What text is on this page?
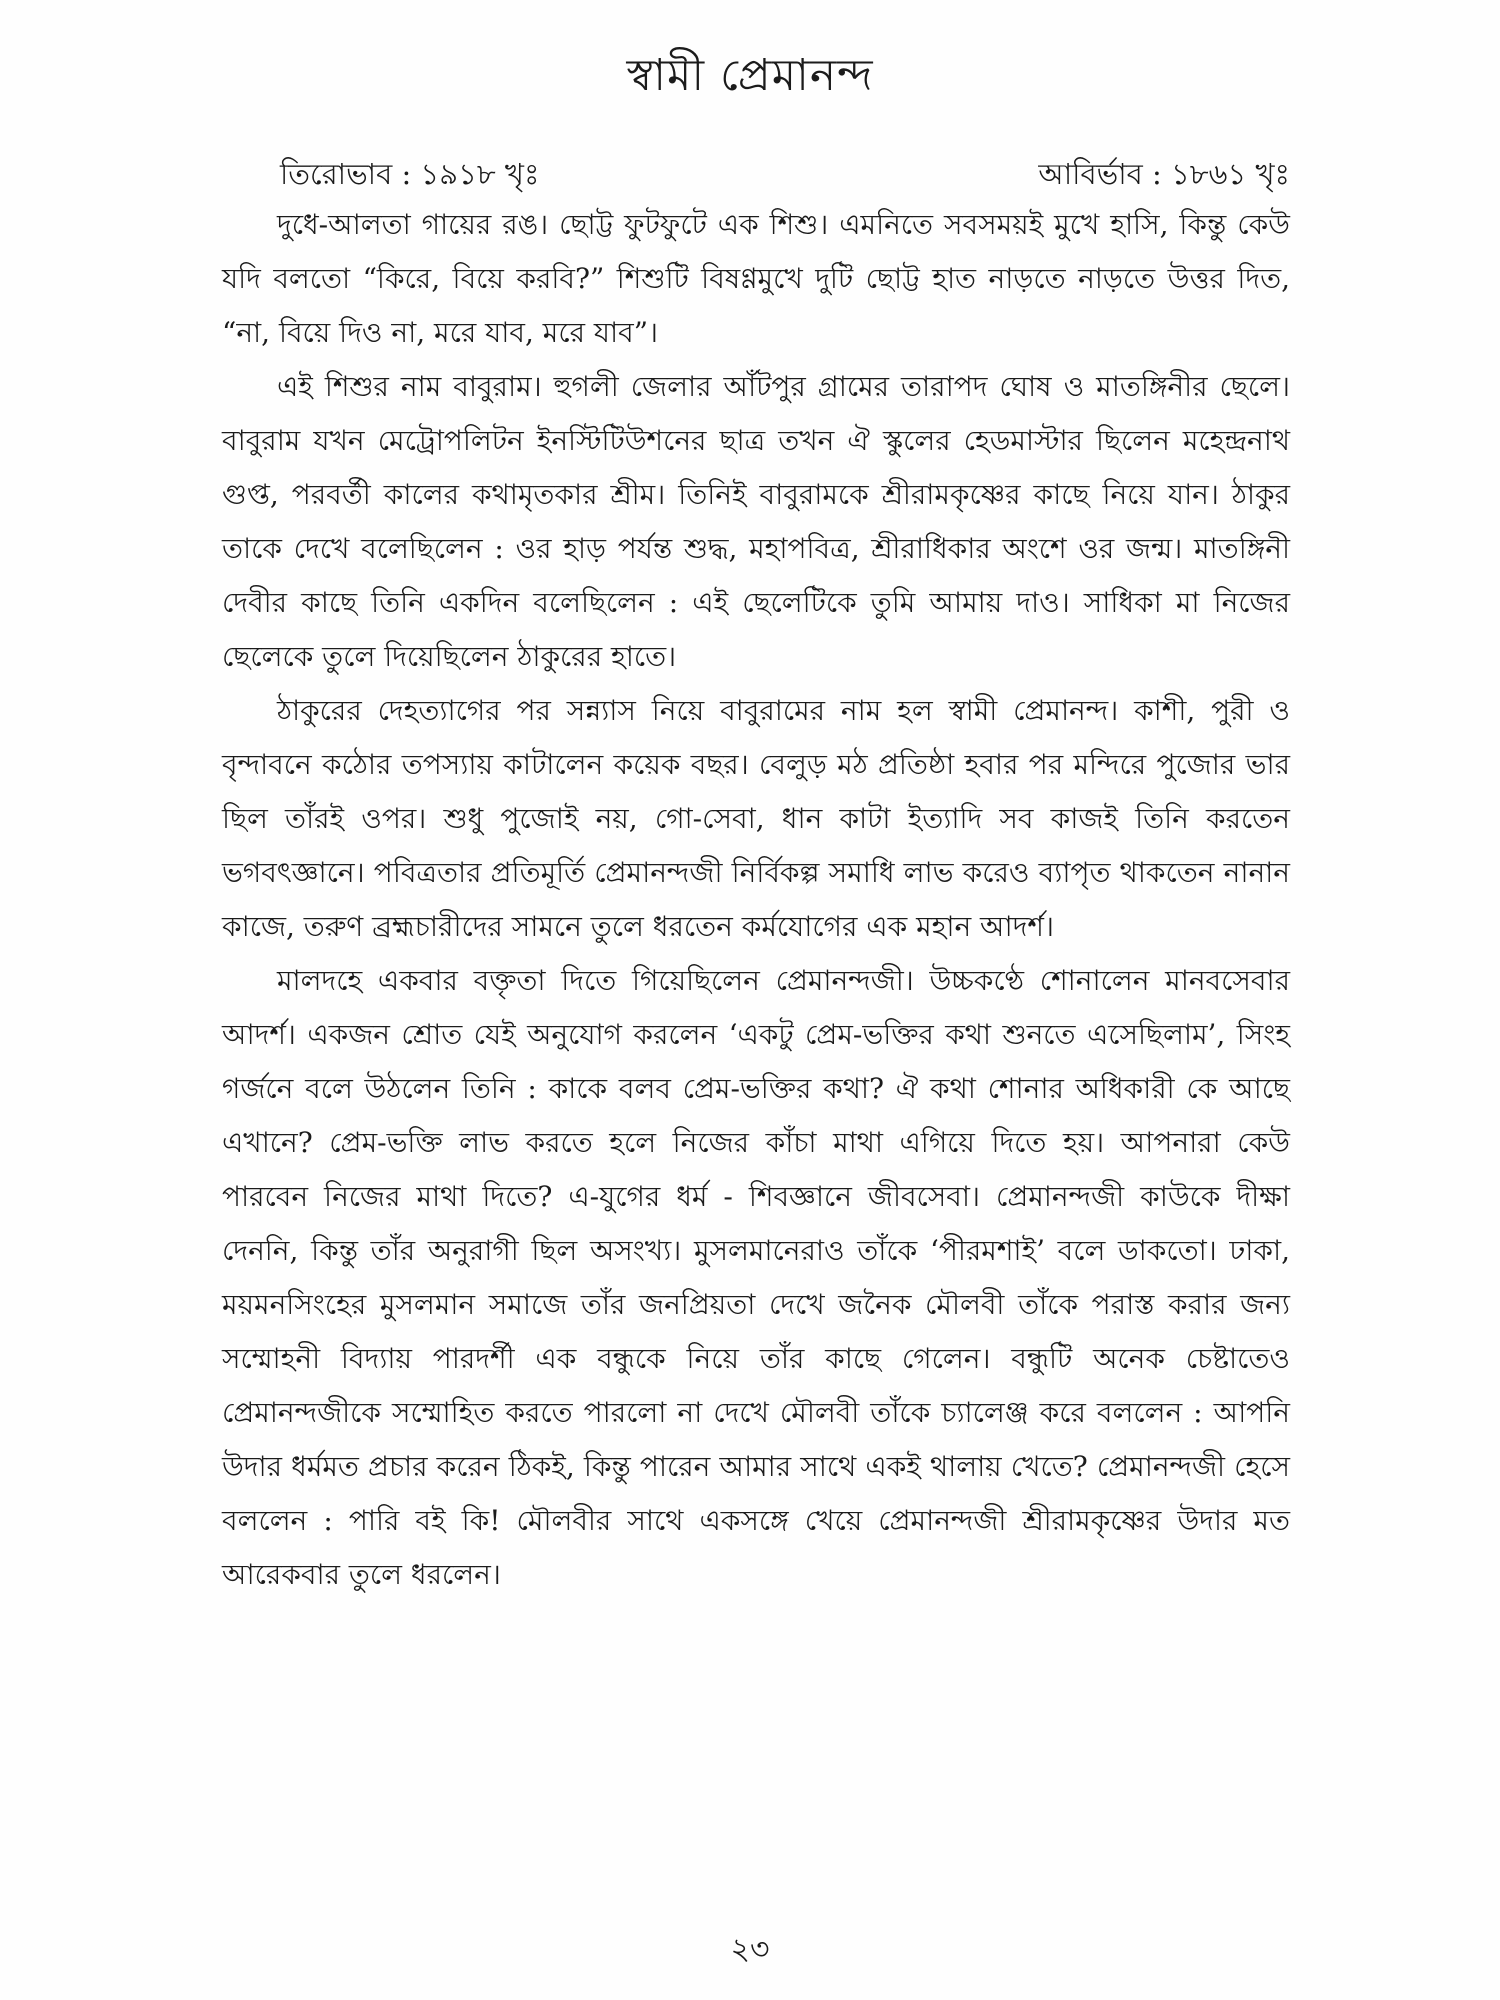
স্বামী প্রেমানন্দ
তিরোভাব : ১৯১৮ খৃঃ	আবির্ভাব : ১৮৬১ খৃঃ

দুধে-আলতা গায়ের রঙ। ছোট্ট ফুটফুটে এক শিশু। এমনিতে সবসময়ই মুখে হাসি, কিন্তু কেউ যদি বলতো “কিরে, বিয়ে করবি?” শিশুটি বিষণ্ণমুখে দুটি ছোট্ট হাত নাড়তে নাড়তে উত্তর দিত, “না, বিয়ে দিও না, মরে যাব, মরে যাব”।

এই শিশুর নাম বাবুরাম। হুগলী জেলার আঁটপুর গ্রামের তারাপদ ঘোষ ও মাতঙ্গিনীর ছেলে। বাবুরাম যখন মেট্রোপলিটন ইনস্টিটিউশনের ছাত্র তখন ঐ স্কুলের হেডমাস্টার ছিলেন মহেন্দ্রনাথ গুপ্ত, পরবর্তী কালের কথামৃতকার শ্রীম। তিনিই বাবুরামকে শ্রীরামকৃষ্ণের কাছে নিয়ে যান। ঠাকুর তাকে দেখে বলেছিলেন : ওর হাড় পর্যন্ত শুদ্ধ, মহাপবিত্র, শ্রীরাধিকার অংশে ওর জন্ম। মাতঙ্গিনী দেবীর কাছে তিনি একদিন বলেছিলেন : এই ছেলেটিকে তুমি আমায় দাও। সাধিকা মা নিজের ছেলেকে তুলে দিয়েছিলেন ঠাকুরের হাতে।

ঠাকুরের দেহত্যাগের পর সন্ন্যাস নিয়ে বাবুরামের নাম হল স্বামী প্রেমানন্দ। কাশী, পুরী ও বৃন্দাবনে কঠোর তপস্যায় কাটালেন কয়েক বছর। বেলুড় মঠ প্রতিষ্ঠা হবার পর মন্দিরে পুজোর ভার ছিল তাঁরই ওপর। শুধু পুজোই নয়, গো-সেবা, ধান কাটা ইত্যাদি সব কাজই তিনি করতেন ভগবৎজ্ঞানে। পবিত্রতার প্রতিমূর্তি প্রেমানন্দজী নির্বিকল্প সমাধি লাভ করেও ব্যাপৃত থাকতেন নানান কাজে, তরুণ ব্রহ্মচারীদের সামনে তুলে ধরতেন কর্মযোগের এক মহান আদর্শ।

মালদহে একবার বক্তৃতা দিতে গিয়েছিলেন প্রেমানন্দজী। উচ্চকণ্ঠে শোনালেন মানবসেবার আদর্শ। একজন শ্রোত যেই অনুযোগ করলেন ‘একটু প্রেম-ভক্তির কথা শুনতে এসেছিলাম’, সিংহ গর্জনে বলে উঠলেন তিনি : কাকে বলব প্রেম-ভক্তির কথা? ঐ কথা শোনার অধিকারী কে আছে এখানে? প্রেম-ভক্তি লাভ করতে হলে নিজের কাঁচা মাথা এগিয়ে দিতে হয়। আপনারা কেউ পারবেন নিজের মাথা দিতে? এ-যুগের ধর্ম - শিবজ্ঞানে জীবসেবা। প্রেমানন্দজী কাউকে দীক্ষা দেননি, কিন্তু তাঁর অনুরাগী ছিল অসংখ্য। মুসলমানেরাও তাঁকে ‘পীরমশাই’ বলে ডাকতো। ঢাকা, ময়মনসিংহের মুসলমান সমাজে তাঁর জনপ্রিয়তা দেখে জনৈক মৌলবী তাঁকে পরাস্ত করার জন্য সম্মোহনী বিদ্যায় পারদর্শী এক বন্ধুকে নিয়ে তাঁর কাছে গেলেন। বন্ধুটি অনেক চেষ্টাতেও প্রেমানন্দজীকে সম্মোহিত করতে পারলো না দেখে মৌলবী তাঁকে চ্যালেঞ্জ করে বললেন : আপনি উদার ধর্মমত প্রচার করেন ঠিকই, কিন্তু পারেন আমার সাথে একই থালায় খেতে? প্রেমানন্দজী হেসে বললেন : পারি বই কি! মৌলবীর সাথে একসঙ্গে খেয়ে প্রেমানন্দজী শ্রীরামকৃষ্ণের উদার মত আরেকবার তুলে ধরলেন।

২৩
